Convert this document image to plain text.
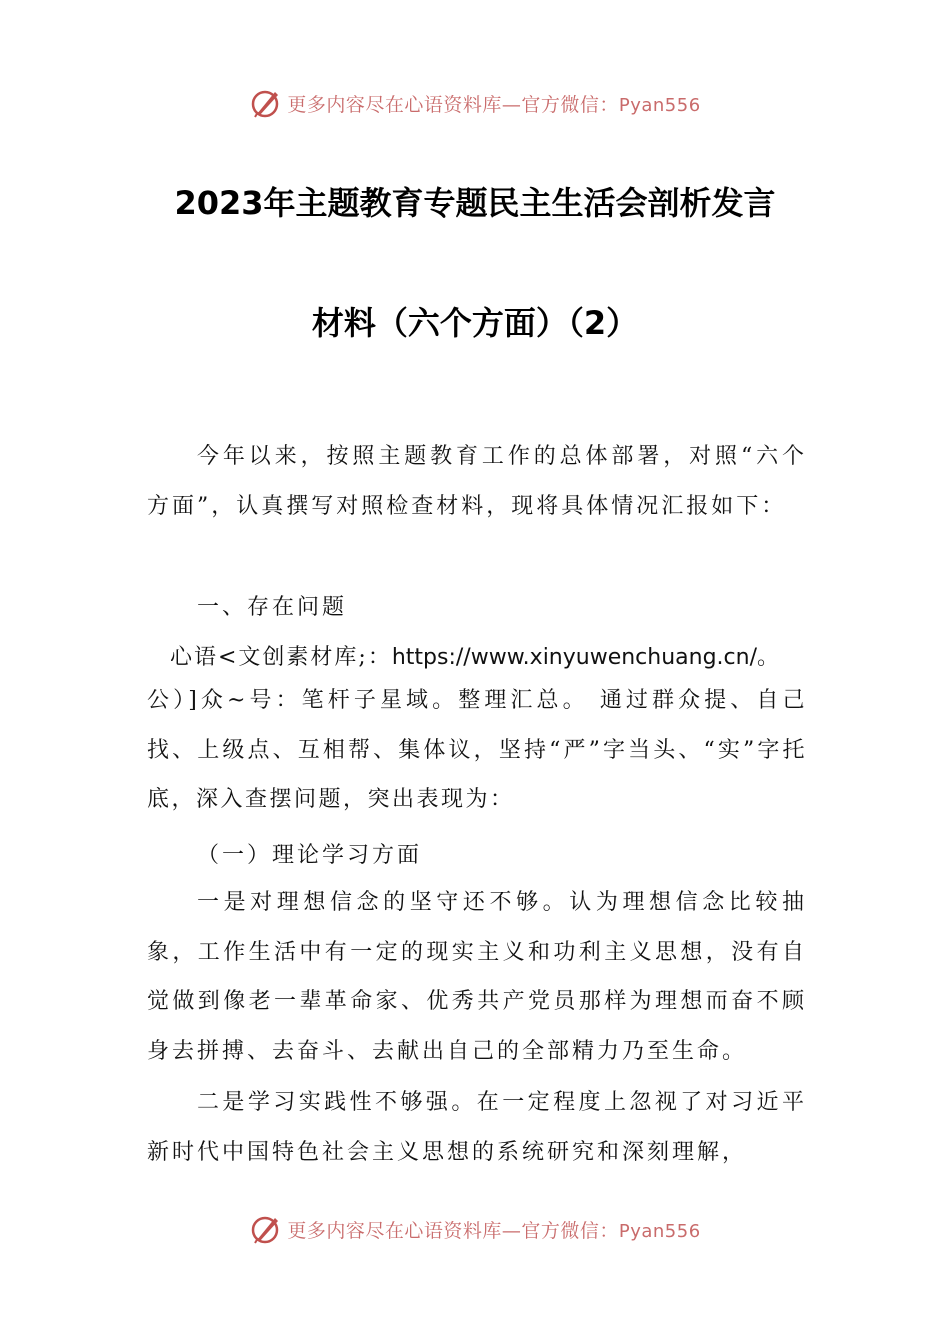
更多内容尽在心语资料库—官方微信：Pyan556
2023年主题教育专题民主生活会剖析发言
材料（六个方面）（2）

今年以来，按照主题教育工作的总体部署，对照“六个方面”，认真撰写对照检查材料，现将具体情况汇报如下：

一、存在问题

心语<文创素材库;：https://www.xinyuwenchuang.cn/。

公）]众~号：笔杆子星域。整理汇总。 通过群众提、自己找、上级点、互相帮、集体议，坚持“严”字当头、“实”字托底，深入查摆问题，突出表现为：

（一）理论学习方面

一是对理想信念的坚守还不够。认为理想信念比较抽象，工作生活中有一定的现实主义和功利主义思想，没有自觉做到像老一辈革命家、优秀共产党员那样为理想而奋不顾身去拼搏、去奋斗、去献出自己的全部精力乃至生命。

二是学习实践性不够强。在一定程度上忽视了对习近平新时代中国特色社会主义思想的系统研究和深刻理解，

更多内容尽在心语资料库—官方微信：Pyan556
